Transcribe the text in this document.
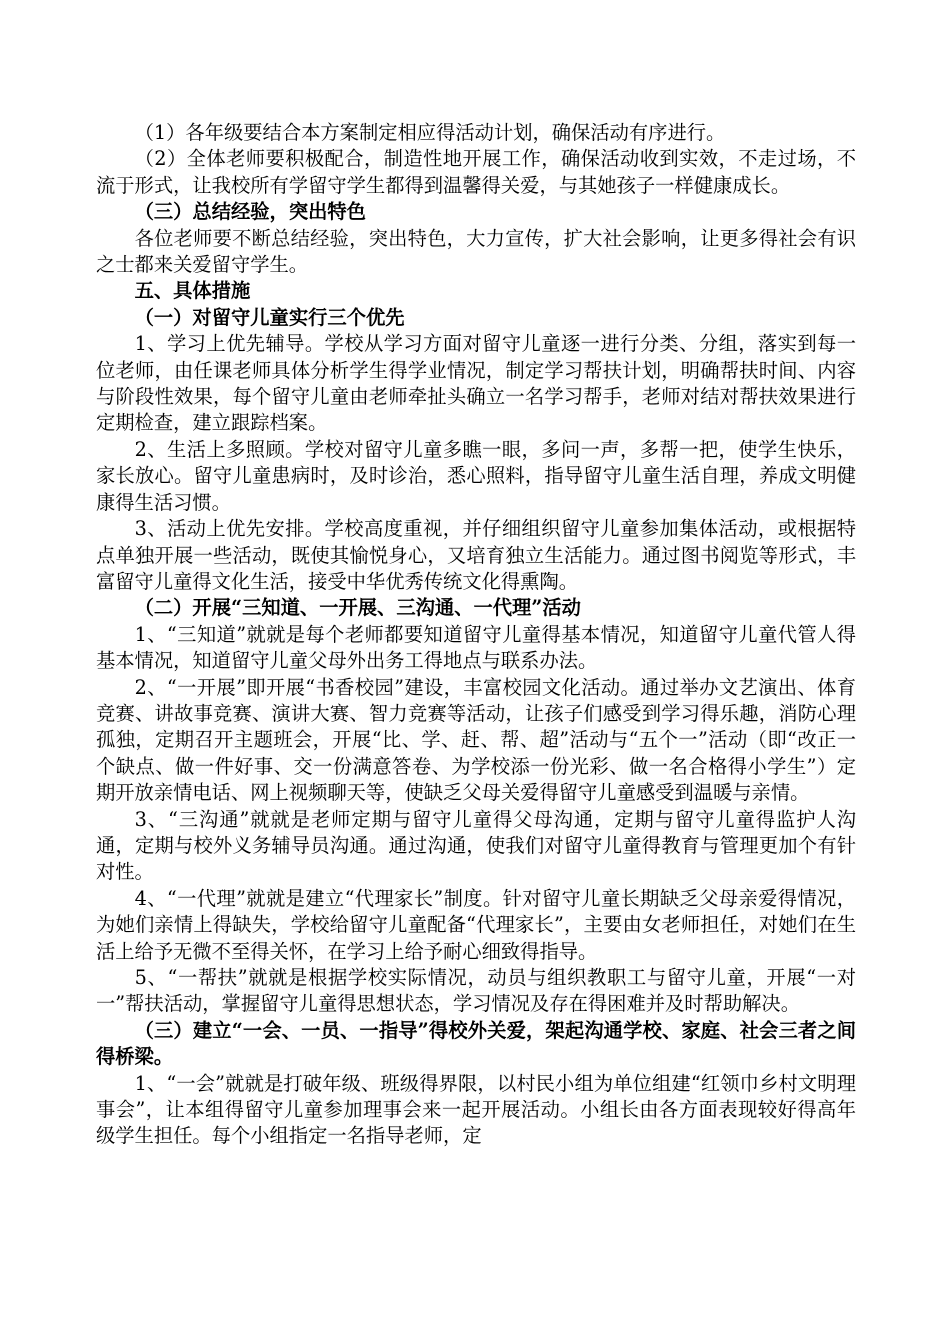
（1）各年级要结合本方案制定相应得活动计划，确保活动有序进行。

（2）全体老师要积极配合，制造性地开展工作，确保活动收到实效，不走过场，不流于形式，让我校所有学留守学生都得到温馨得关爱，与其她孩子一样健康成长。

（三）总结经验，突出特色

各位老师要不断总结经验，突出特色，大力宣传，扩大社会影响，让更多得社会有识之士都来关爱留守学生。

五、具体措施

（一）对留守儿童实行三个优先

1、学习上优先辅导。学校从学习方面对留守儿童逐一进行分类、分组，落实到每一位老师，由任课老师具体分析学生得学业情况，制定学习帮扶计划，明确帮扶时间、内容与阶段性效果，每个留守儿童由老师牵扯头确立一名学习帮手，老师对结对帮扶效果进行定期检查，建立跟踪档案。

2、生活上多照顾。学校对留守儿童多瞧一眼，多问一声，多帮一把，使学生快乐，家长放心。留守儿童患病时，及时诊治，悉心照料，指导留守儿童生活自理，养成文明健康得生活习惯。

3、活动上优先安排。学校高度重视，并仔细组织留守儿童参加集体活动，或根据特点单独开展一些活动，既使其愉悦身心，又培育独立生活能力。通过图书阅览等形式，丰富留守儿童得文化生活，接受中华优秀传统文化得熏陶。

（二）开展“三知道、一开展、三沟通、一代理”活动

1、“三知道”就就是每个老师都要知道留守儿童得基本情况，知道留守儿童代管人得基本情况，知道留守儿童父母外出务工得地点与联系办法。

2、“一开展”即开展“书香校园”建设，丰富校园文化活动。通过举办文艺演出、体育竞赛、讲故事竞赛、演讲大赛、智力竞赛等活动，让孩子们感受到学习得乐趣，消防心理孤独，定期召开主题班会，开展“比、学、赶、帮、超”活动与“五个一”活动（即“改正一个缺点、做一件好事、交一份满意答卷、为学校添一份光彩、做一名合格得小学生”）定期开放亲情电话、网上视频聊天等，使缺乏父母关爱得留守儿童感受到温暖与亲情。

3、“三沟通”就就是老师定期与留守儿童得父母沟通，定期与留守儿童得监护人沟通，定期与校外义务辅导员沟通。通过沟通，使我们对留守儿童得教育与管理更加个有针对性。

4、“一代理”就就是建立“代理家长”制度。针对留守儿童长期缺乏父母亲爱得情况，为她们亲情上得缺失，学校给留守儿童配备“代理家长”，主要由女老师担任，对她们在生活上给予无微不至得关怀，在学习上给予耐心细致得指导。

5、“一帮扶”就就是根据学校实际情况，动员与组织教职工与留守儿童，开展“一对一”帮扶活动，掌握留守儿童得思想状态，学习情况及存在得困难并及时帮助解决。

（三）建立“一会、一员、一指导”得校外关爱，架起沟通学校、家庭、社会三者之间得桥梁。

1、“一会”就就是打破年级、班级得界限，以村民小组为单位组建“红领巾乡村文明理事会”，让本组得留守儿童参加理事会来一起开展活动。小组长由各方面表现较好得高年级学生担任。每个小组指定一名指导老师，定
